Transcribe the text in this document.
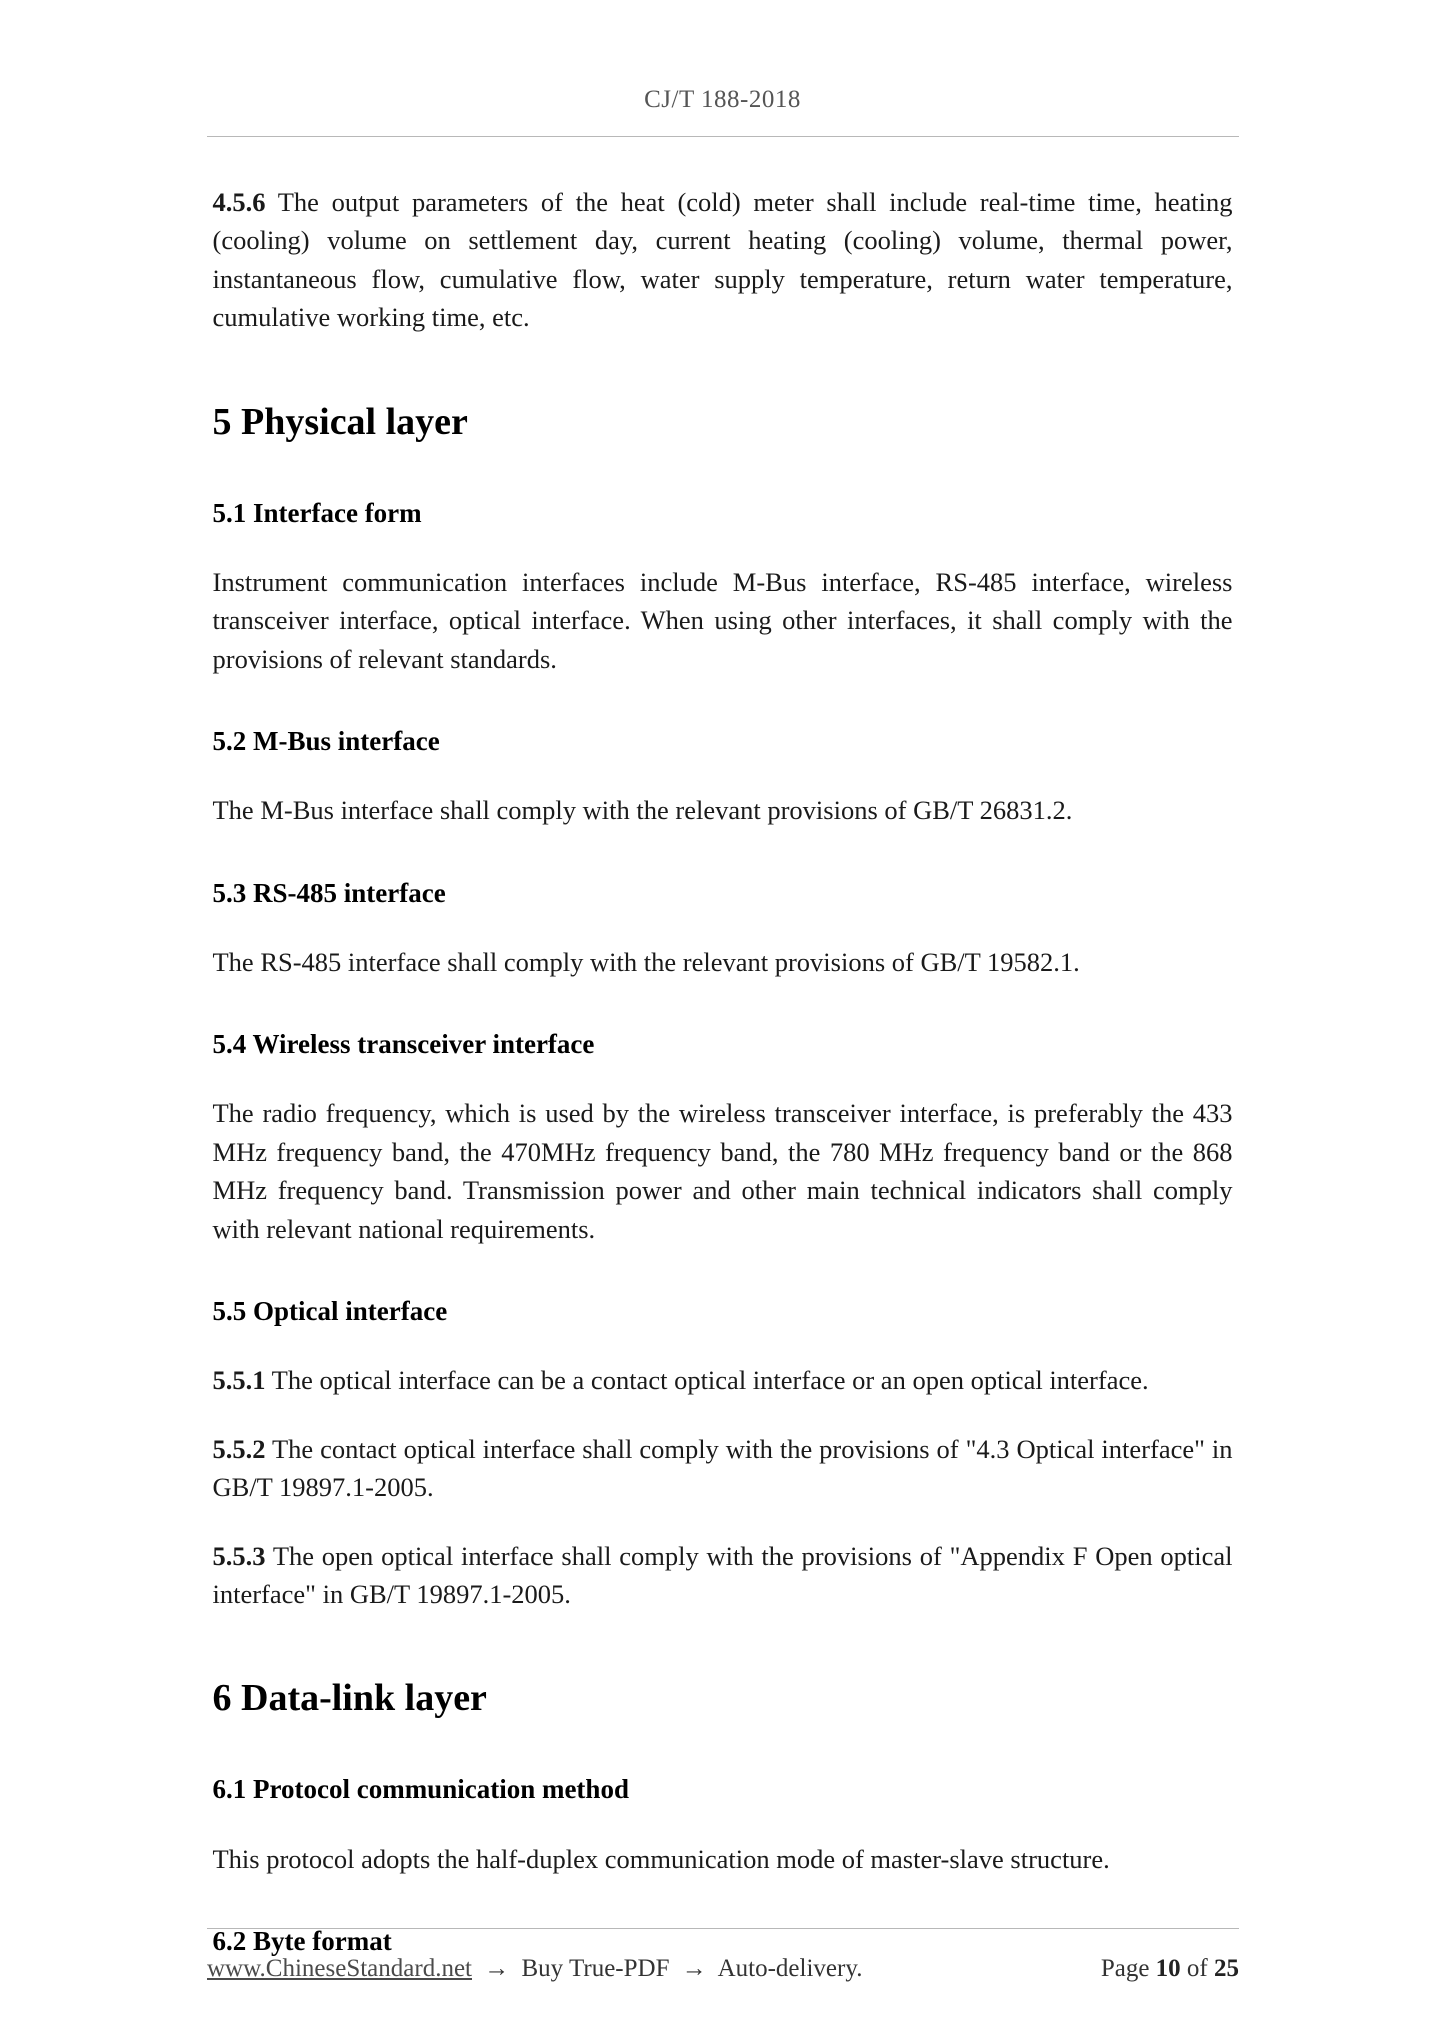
CJ/T 188-2018

4.5.6 The output parameters of the heat (cold) meter shall include real-time time, heating (cooling) volume on settlement day, current heating (cooling) volume, thermal power, instantaneous flow, cumulative flow, water supply temperature, return water temperature, cumulative working time, etc.

5 Physical layer
5.1 Interface form

Instrument communication interfaces include M-Bus interface, RS-485 interface, wireless transceiver interface, optical interface. When using other interfaces, it shall comply with the provisions of relevant standards.

5.2 M-Bus interface

The M-Bus interface shall comply with the relevant provisions of GB/T 26831.2.

5.3 RS-485 interface

The RS-485 interface shall comply with the relevant provisions of GB/T 19582.1.

5.4 Wireless transceiver interface

The radio frequency, which is used by the wireless transceiver interface, is preferably the 433 MHz frequency band, the 470MHz frequency band, the 780 MHz frequency band or the 868 MHz frequency band. Transmission power and other main technical indicators shall comply with relevant national requirements.

5.5 Optical interface

5.5.1 The optical interface can be a contact optical interface or an open optical interface.

5.5.2 The contact optical interface shall comply with the provisions of "4.3 Optical interface" in GB/T 19897.1-2005.

5.5.3 The open optical interface shall comply with the provisions of "Appendix F Open optical interface" in GB/T 19897.1-2005.

6 Data-link layer
6.1 Protocol communication method

This protocol adopts the half-duplex communication mode of master-slave structure.

6.2 Byte format
www.ChineseStandard.net → Buy True-PDF → Auto-delivery.	Page 10 of 25
